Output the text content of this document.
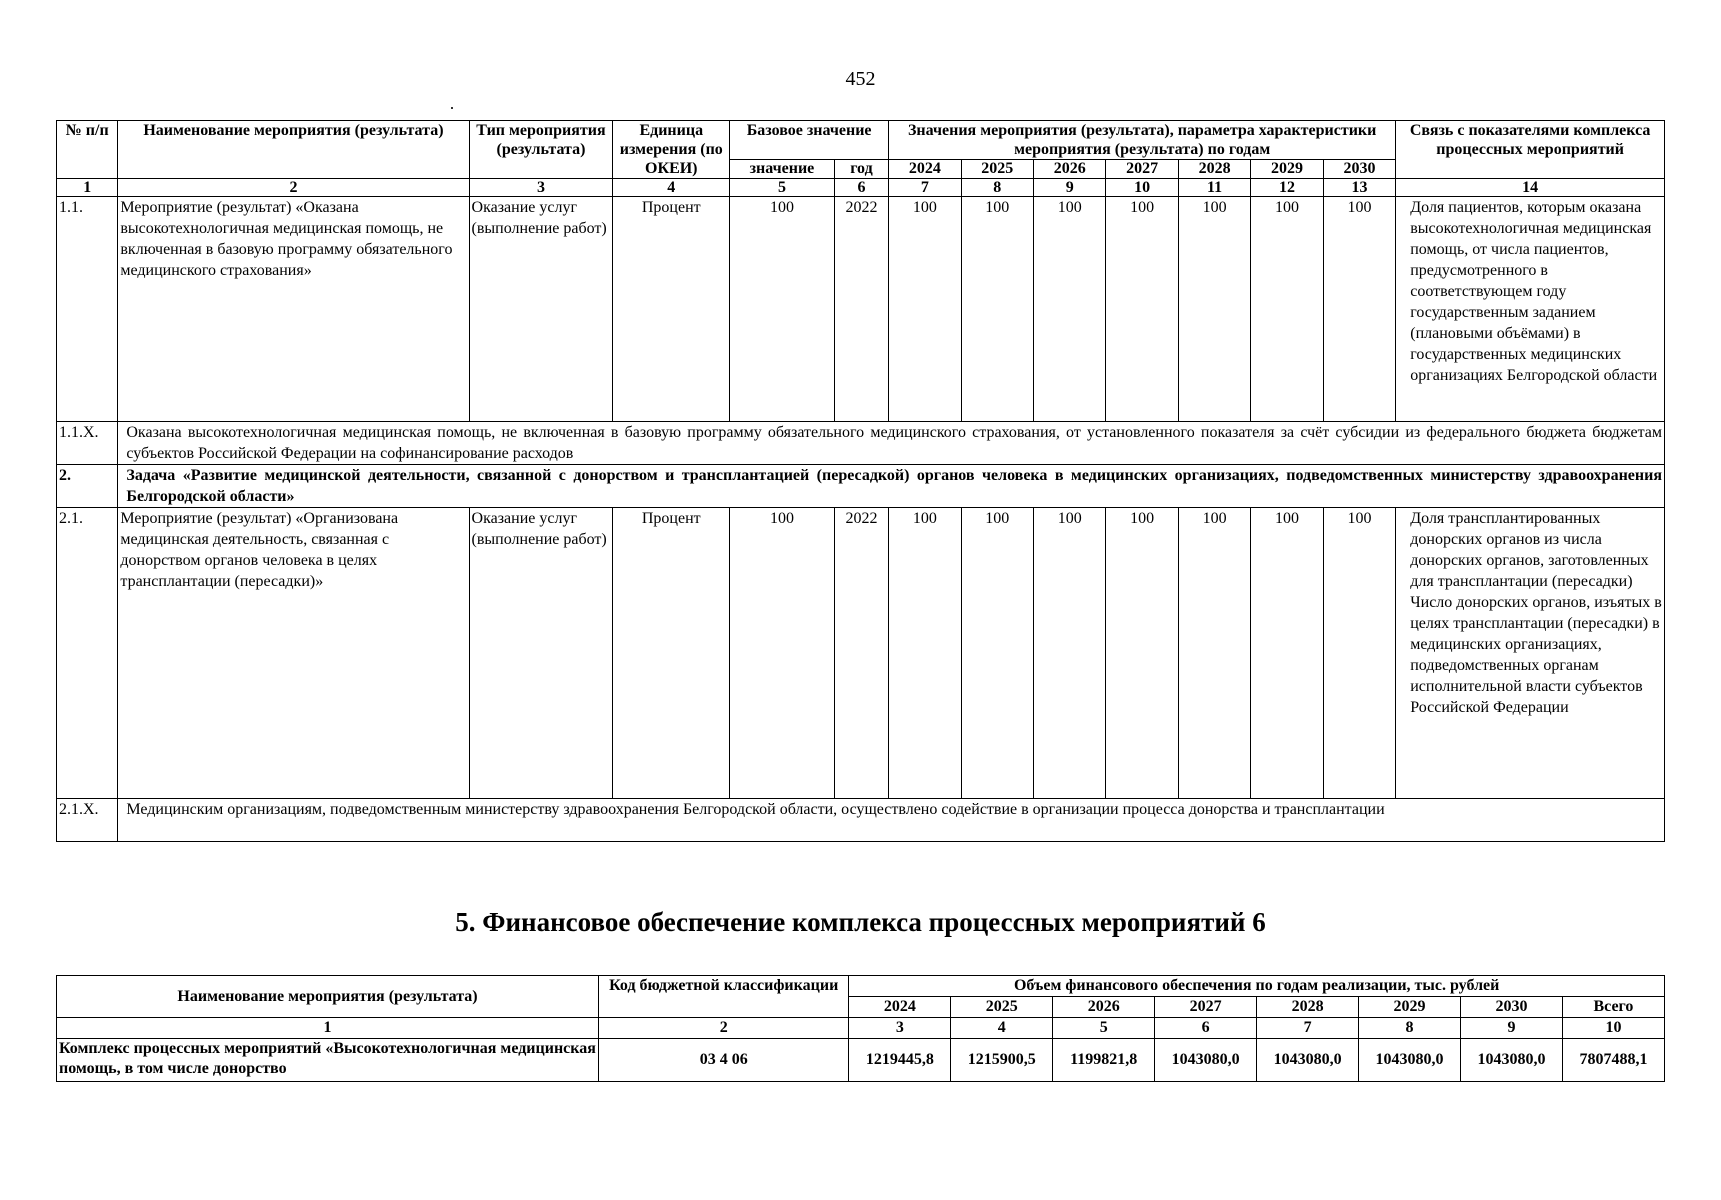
452
№ п/п	Наименование мероприятия (результата)	Тип мероприятия (результата)	Единица измерения (по ОКЕИ)	Базовое значение		Значения мероприятия (результата), параметра характеристики мероприятия (результата) по годам							Связь с показателями комплекса процессных мероприятий
				значение	год	2024	2025	2026	2027	2028	2029	2030	
1	2	3	4	5	6	7	8	9	10	11	12	13	14
1.1.	Мероприятие (результат) «Оказана высокотехнологичная медицинская помощь, не включенная в базовую программу обязательного медицинского страхования»	Оказание услуг (выполнение работ)	Процент	100	2022	100	100	100	100	100	100	100	Доля пациентов, которым оказана высокотехнологичная медицинская помощь, от числа пациентов, предусмотренного в соответствующем году государственным заданием (плановыми объёмами) в государственных медицинских организациях Белгородской области
1.1.Х.	Оказана высокотехнологичная медицинская помощь, не включенная в базовую программу обязательного медицинского страхования, от установленного показателя за счёт субсидии из федерального бюджета бюджетам субъектов Российской Федерации на софинансирование расходов												
2.	Задача «Развитие медицинской деятельности, связанной с донорством и трансплантацией (пересадкой) органов человека в медицинских организациях, подведомственных министерству здравоохранения Белгородской области»												
2.1.	Мероприятие (результат) «Организована медицинская деятельность, связанная с донорством органов человека в целях трансплантации (пересадки)»	Оказание услуг (выполнение работ)	Процент	100	2022	100	100	100	100	100	100	100	Доля трансплантированных донорских органов из числа донорских органов, заготовленных для трансплантации (пересадки) Число донорских органов, изъятых в целях трансплантации (пересадки) в медицинских организациях, подведомственных органам исполнительной власти субъектов Российской Федерации
2.1.Х.	Медицинским организациям, подведомственным министерству здравоохранения Белгородской области, осуществлено содействие в организации процесса донорства и трансплантации												
5. Финансовое обеспечение комплекса процессных мероприятий 6
Наименование мероприятия (результата)	Код бюджетной классификации	Объем финансового обеспечения по годам реализации, тыс. рублей							
		2024	2025	2026	2027	2028	2029	2030	Всего
1	2	3	4	5	6	7	8	9	10
Комплекс процессных мероприятий «Высокотехнологичная медицинская помощь, в том числе донорство	03 4 06	1219445,8	1215900,5	1199821,8	1043080,0	1043080,0	1043080,0	1043080,0	7807488,1
